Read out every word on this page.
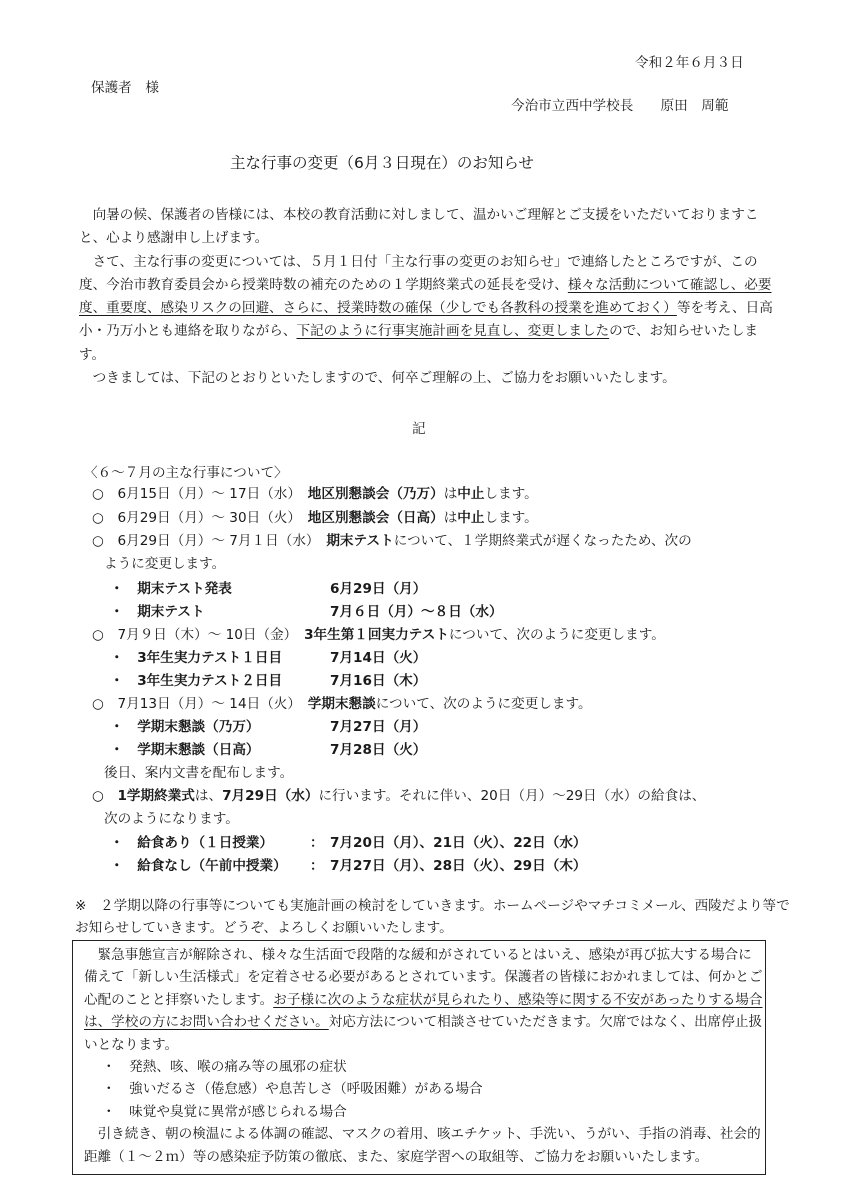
令和２年６月３日
保護者　様
今治市立西中学校長　　原田　周範
主な行事の変更（6月３日現在）のお知らせ

　向暑の候、保護者の皆様には、本校の教育活動に対しまして、温かいご理解とご支援をいただいておりますこと、心より感謝申し上げます。

　さて、主な行事の変更については、５月１日付「主な行事の変更のお知らせ」で連絡したところですが、この度、今治市教育委員会から授業時数の補充のための１学期終業式の延長を受け、様々な活動について確認し、必要度、重要度、感染リスクの回避、さらに、授業時数の確保（少しでも各教科の授業を進めておく）等を考え、日高小・乃万小とも連絡を取りながら、下記のように行事実施計画を見直し、変更しましたので、お知らせいたします。

　つきましては、下記のとおりといたしますので、何卒ご理解の上、ご協力をお願いいたします。

記
〈６～７月の主な行事について〉
○　 6月15日（月）～ 17日（水）　 地区別懇談会（乃万）は中止します。
○　 6月29日（月）～ 30日（火）　 地区別懇談会（日高）は中止します。
○　 6月29日（月）～ 7月１日（水）　 期末テストについて、１学期終業式が遅くなったため、次の
ように変更します。
・　 期末テスト発表	6月29日（月）
・　 期末テスト	7月６日（月）～８日（水）
○　 7月９日（木）～ 10日（金）　 3年生第１回実力テストについて、次のように変更します。
・　 3年生実力テスト１日目	7月14日（火）
・　 3年生実力テスト２日目	7月16日（木）
○　 7月13日（月）～ 14日（火）　 学期末懇談について、次のように変更します。
・　 学期末懇談（乃万）	7月27日（月）
・　 学期末懇談（日高）	7月28日（火）
後日、案内文書を配布します。
○　 1学期終業式は、7月29日（水）に行います。それに伴い、20日（月）～29日（水）の給食は、
次のようになります。
・　 給食あり（１日授業）	： 7月20日（月）、21日（火）、22日（水）
・　 給食なし（午前中授業） ： 7月27日（月）、28日（火）、29日（木）
※　２学期以降の行事等についても実施計画の検討をしていきます。ホームページやマチコミメール、西陵だより等でお知らせしていきます。どうぞ、よろしくお願いいたします。

　緊急事態宣言が解除され、様々な生活面で段階的な緩和がされているとはいえ、感染が再び拡大する場合に備えて「新しい生活様式」を定着させる必要があるとされています。保護者の皆様におかれましては、何かとご心配のことと拝察いたします。お子様に次のような症状が見られたり、感染等に関する不安があったりする場合は、学校の方にお問い合わせください。対応方法について相談させていただきます。欠席ではなく、出席停止扱いとなります。

・　発熱、咳、喉の痛み等の風邪の症状

・　強いだるさ（倦怠感）や息苦しさ（呼吸困難）がある場合

・　味覚や臭覚に異常が感じられる場合

　引き続き、朝の検温による体調の確認、マスクの着用、咳エチケット、手洗い、うがい、手指の消毒、社会的距離（１～２ｍ）等の感染症予防策の徹底、また、家庭学習への取組等、ご協力をお願いいたします。
